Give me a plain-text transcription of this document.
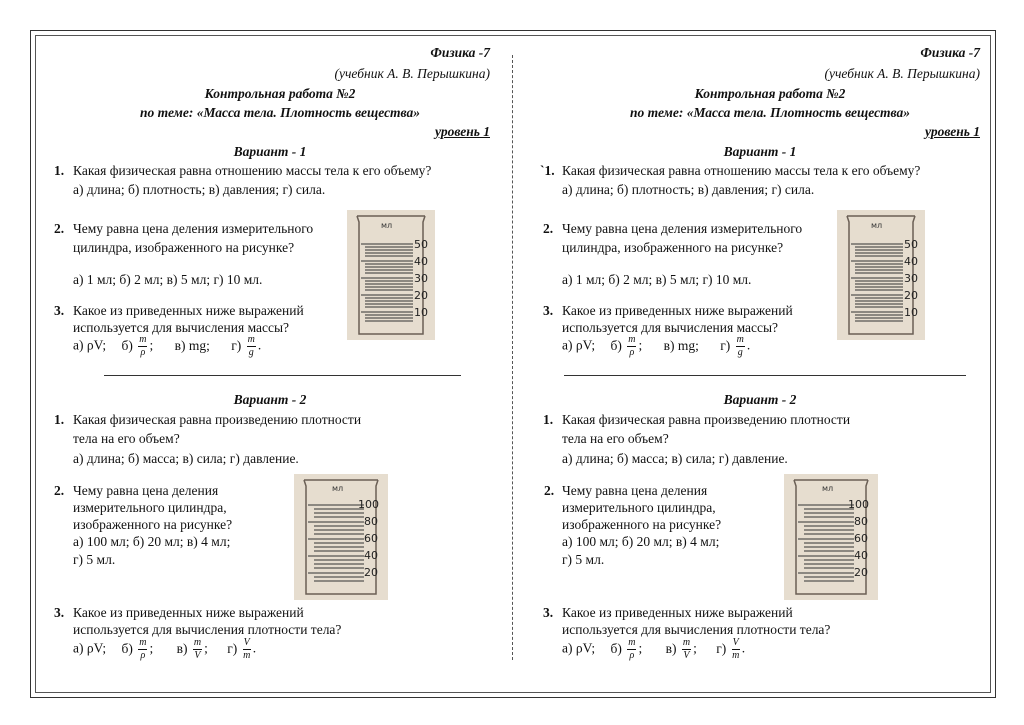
Физика -7
(учебник А. В. Перышкина)
Контрольная работа №2
по теме: «Масса тела. Плотность вещества»
уровень 1
Вариант - 1
1. Какая физическая равна отношению массы тела к его объему?
а) длина; б) плотность; в) давления; г) сила.
2. Чему равна цена деления измерительного
цилиндра, изображенного на рисунке?
а) 1 мл; б) 2 мл; в) 5 мл; г) 10 мл.
3. Какое из приведенных ниже выражений
используется для вычисления массы?
а) ρV; $б) \frac{m}{\rho}$ ; в) mg; $г) \frac{m}{g}$ .
мл
50
40
30
20
10
Вариант - 2
1. Какая физическая равна произведению плотности
тела на его объем?
а) длина; б) масса; в) сила; г) давление.
2. Чему равна цена деления
измерительного цилиндра,
изображенного на рисунке?
а) 100 мл; б) 20 мл; в) 4 мл;
г) 5 мл.
3. Какое из приведенных ниже выражений
используется для вычисления плотности тела?
а) ρV; $б) \frac{m}{\rho}$ ; $в) \frac{m}{V}$ ; $г) \frac{V}{m}$ .
мл
100
80
60
40
20
Физика -7
(учебник А. В. Перышкина)
Контрольная работа №2
по теме: «Масса тела. Плотность вещества»
уровень 1
Вариант - 1
`1. Какая физическая равна отношению массы тела к его объему?
а) длина; б) плотность; в) давления; г) сила.
2. Чему равна цена деления измерительного
цилиндра, изображенного на рисунке?
а) 1 мл; б) 2 мл; в) 5 мл; г) 10 мл.
3. Какое из приведенных ниже выражений
используется для вычисления массы?
а) ρV; $б) \frac{m}{\rho}$ ; в) mg; $г) \frac{m}{g}$ .
мл
50
40
30
20
10
Вариант - 2
1. Какая физическая равна произведению плотности
тела на его объем?
а) длина; б) масса; в) сила; г) давление.
2. Чему равна цена деления
измерительного цилиндра,
изображенного на рисунке?
а) 100 мл; б) 20 мл; в) 4 мл;
г) 5 мл.
3. Какое из приведенных ниже выражений
используется для вычисления плотности тела?
а) ρV; $б) \frac{m}{\rho}$ ; $в) \frac{m}{V}$ ; $г) \frac{V}{m}$ .
мл
100
80
60
40
20
